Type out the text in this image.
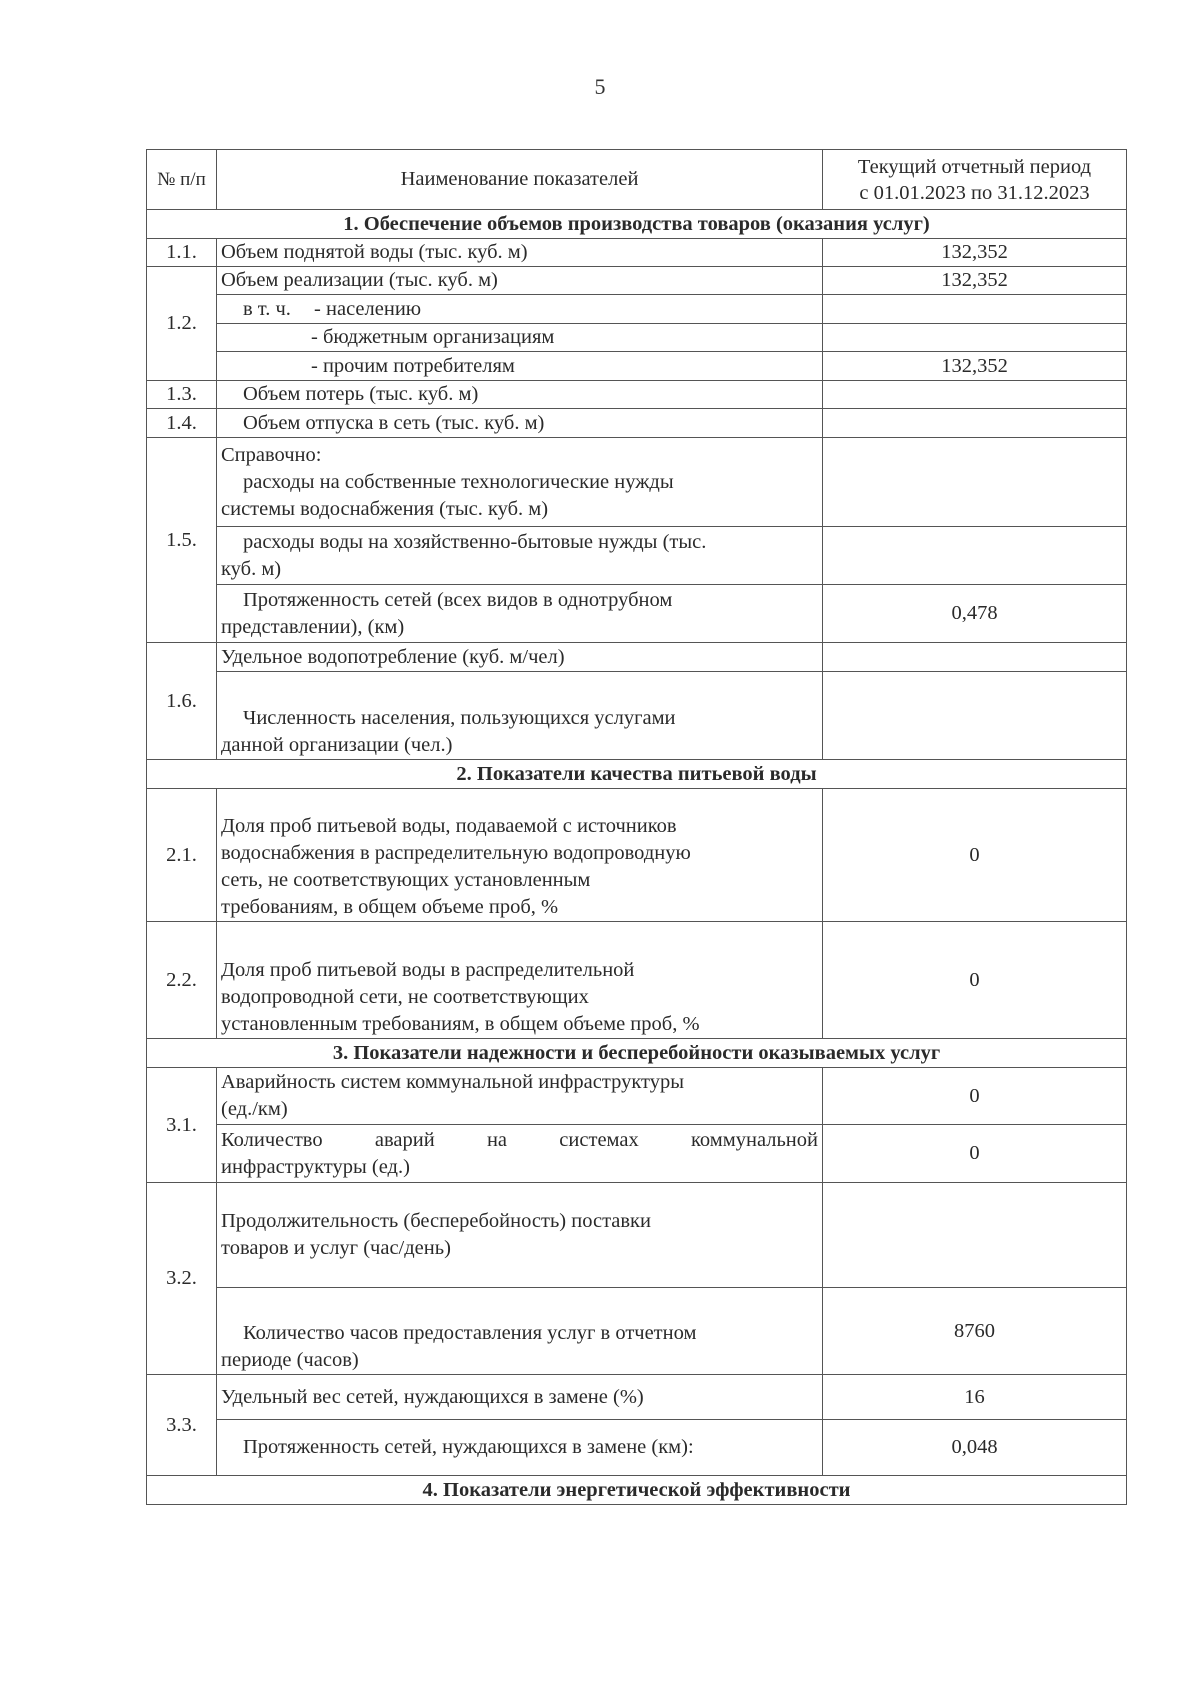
5
№ п/п	Наименование показателей	Текущий отчетный период
с 01.01.2023 по 31.12.2023

1. Обеспечение объемов производства товаров (оказания услуг)		
1.1.	Объем поднятой воды (тыс. куб. м)	132,352
1.2.	Объем реализации (тыс. куб. м)	132,352
	в т. ч. - населению	
	- бюджетным организациям	
	- прочим потребителям	132,352
1.3.	Объем потерь (тыс. куб. м)	
1.4.	Объем отпуска в сеть (тыс. куб. м)	
1.5.	Справочно:
расходы на собственные технологические нужды
системы водоснабжения (тыс. куб. м)	

	расходы воды на хозяйственно-бытовые нужды (тыс.
куб. м)	

	Протяженность сетей (всех видов в однотрубном
представлении), (км)	0,478
1.6.	Удельное водопотребление (куб. м/чел)	

	Численность населения, пользующихся услугами
данной организации (чел.)	

2. Показатели качества питьевой воды		
2.1.	Доля проб питьевой воды, подаваемой с источников
водоснабжения в распределительную водопроводную
сеть, не соответствующих установленным
требованиям, в общем объеме проб, %	0
2.2.	Доля проб питьевой воды в распределительной
водопроводной сети, не соответствующих
установленным требованиям, в общем объеме проб, %	0
3. Показатели надежности и бесперебойности оказываемых услуг		
3.1.	Аварийность систем коммунальной инфраструктуры
(ед./км)	0

	Количество аварий на системах коммунальной
инфраструктуры (ед.)	0
3.2.	Продолжительность (бесперебойность) поставки
товаров и услуг (час/день)	

	Количество часов предоставления услуг в отчетном
периоде (часов)	8760
3.3.	Удельный вес сетей, нуждающихся в замене (%)	16
	Протяженность сетей, нуждающихся в замене (км):	0,048
4. Показатели энергетической эффективности		
